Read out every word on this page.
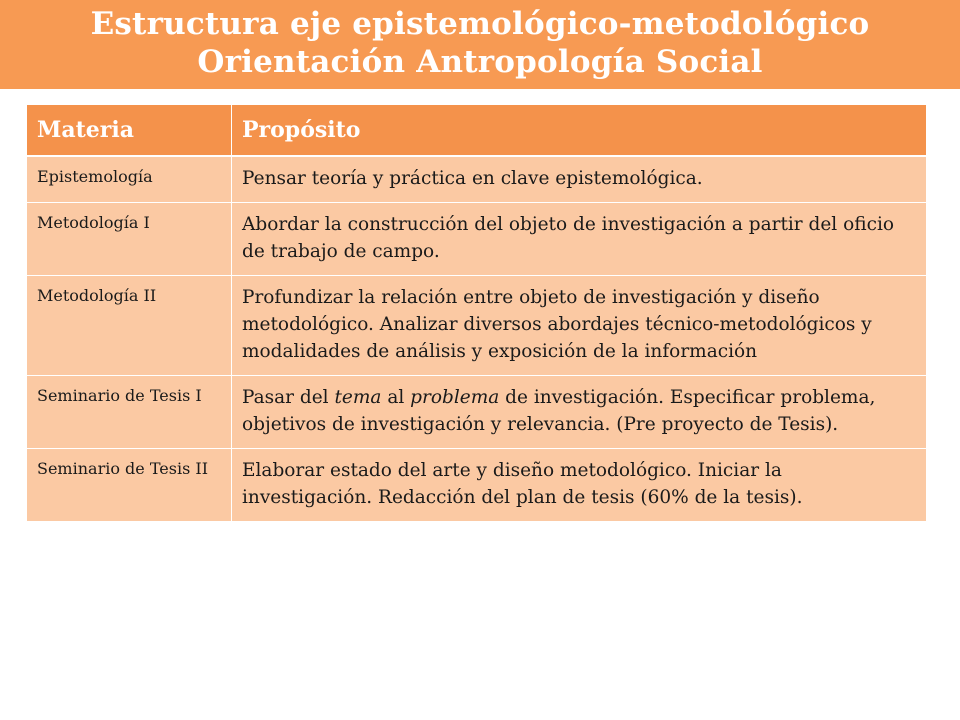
Estructura eje epistemológico-metodológico
Orientación Antropología Social
Materia	Propósito
Epistemología	Pensar teoría y práctica en clave epistemológica.
Metodología I	Abordar la construcción del objeto de investigación a partir del oficio de trabajo de campo.
Metodología II	Profundizar la relación entre objeto de investigación y diseño metodológico. Analizar diversos abordajes técnico-metodológicos y modalidades de análisis y exposición de la información
Seminario de Tesis I	Pasar del tema al problema de investigación. Especificar problema, objetivos de investigación y relevancia. (Pre proyecto de Tesis).
Seminario de Tesis II	Elaborar estado del arte y diseño metodológico. Iniciar la investigación. Redacción del plan de tesis (60% de la tesis).
